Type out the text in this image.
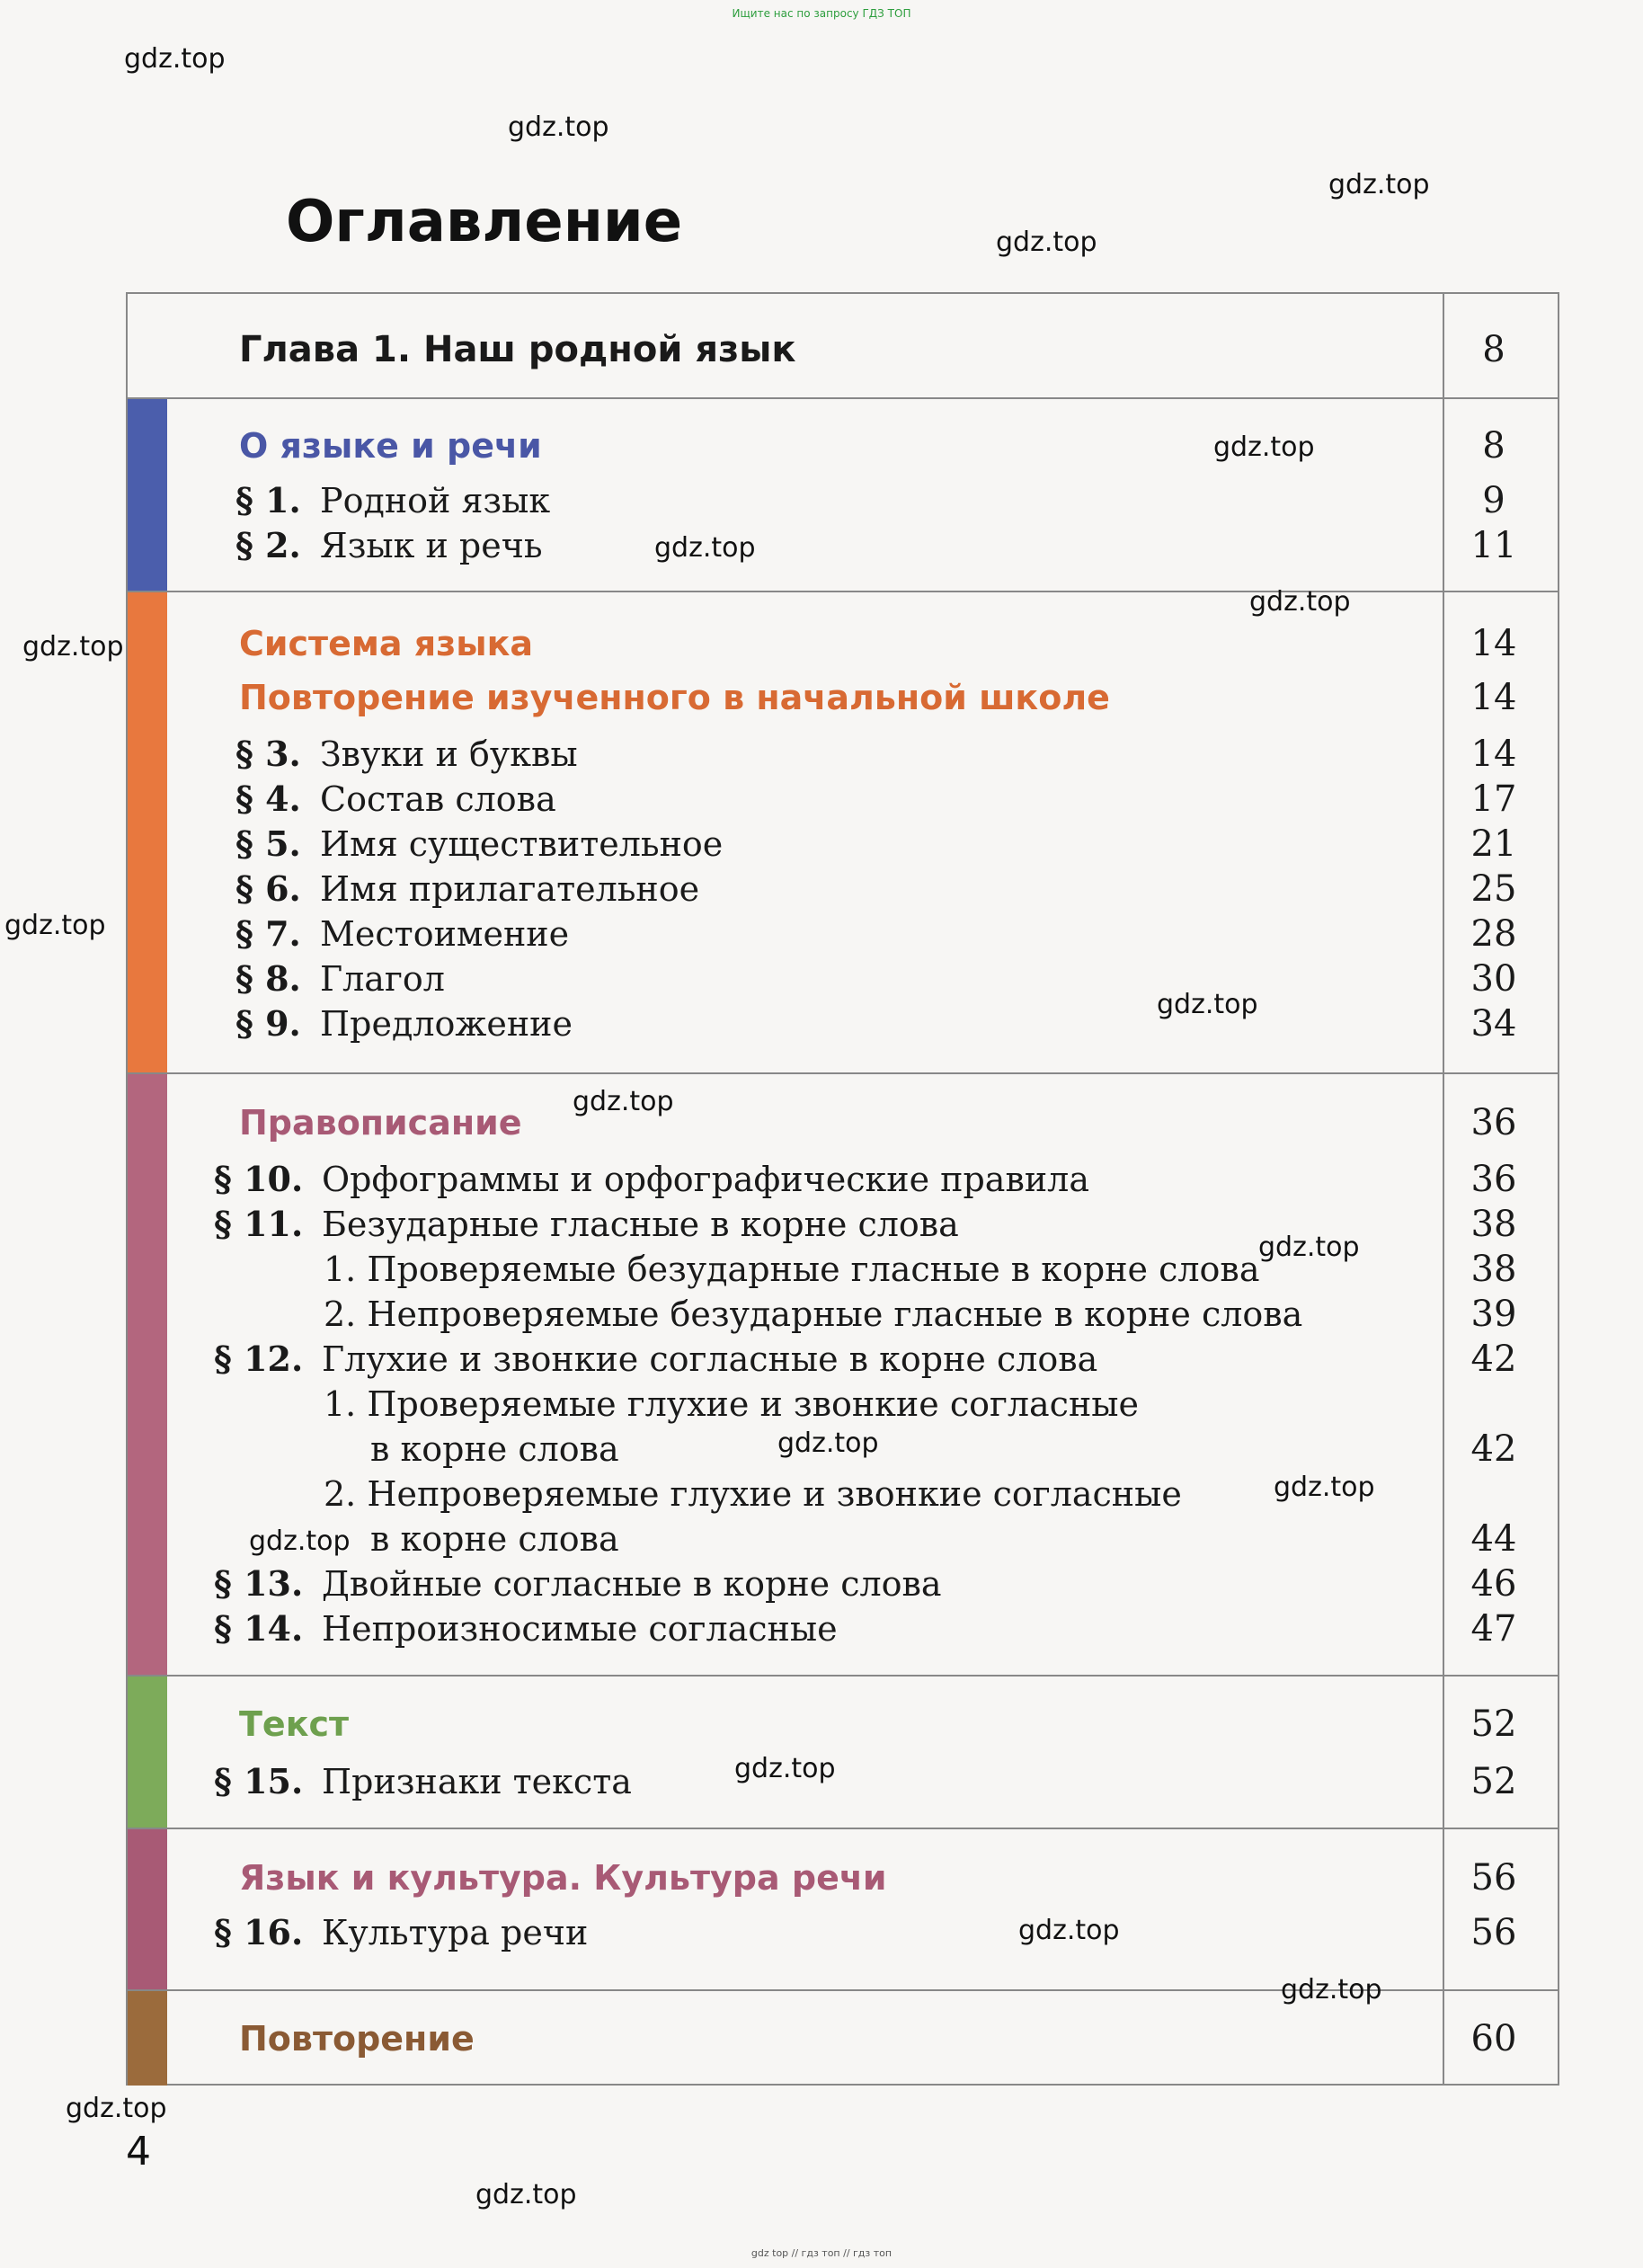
Ищите нас по запросу ГДЗ ТОП

Оглавление
Глава 1. Наш родной язык	8
О языке и речи	8
§ 1. Родной язык	9
§ 2. Язык и речь	11
Система языка	14
Повторение изученного в начальной школе	14
§ 3. Звуки и буквы	14
§ 4. Состав слова	17
§ 5. Имя существительное	21
§ 6. Имя прилагательное	25
§ 7. Местоимение	28
§ 8. Глагол	30
§ 9. Предложение	34
Правописание	36
§ 10. Орфограммы и орфографические правила	36
§ 11. Безударные гласные в корне слова	38
1. Проверяемые безударные гласные в корне слова	38
2. Непроверяемые безударные гласные в корне слова	39
§ 12. Глухие и звонкие согласные в корне слова	42
1. Проверяемые глухие и звонкие согласные
в корне слова	42
2. Непроверяемые глухие и звонкие согласные
в корне слова	44
§ 13. Двойные согласные в корне слова	46
§ 14. Непроизносимые согласные	47
Текст	52
§ 15. Признаки текста	52
Язык и культура. Культура речи	56
§ 16. Культура речи	56
Повторение	60
gdz.top
gdz.top
gdz.top
gdz.top
gdz.top
gdz.top
gdz.top
gdz.top
gdz.top
gdz.top
gdz.top
gdz.top
gdz.top
gdz.top
gdz.top
gdz.top
gdz.top
gdz.top
gdz.top
gdz.top

4

gdz top // гдз топ // гдз топ
